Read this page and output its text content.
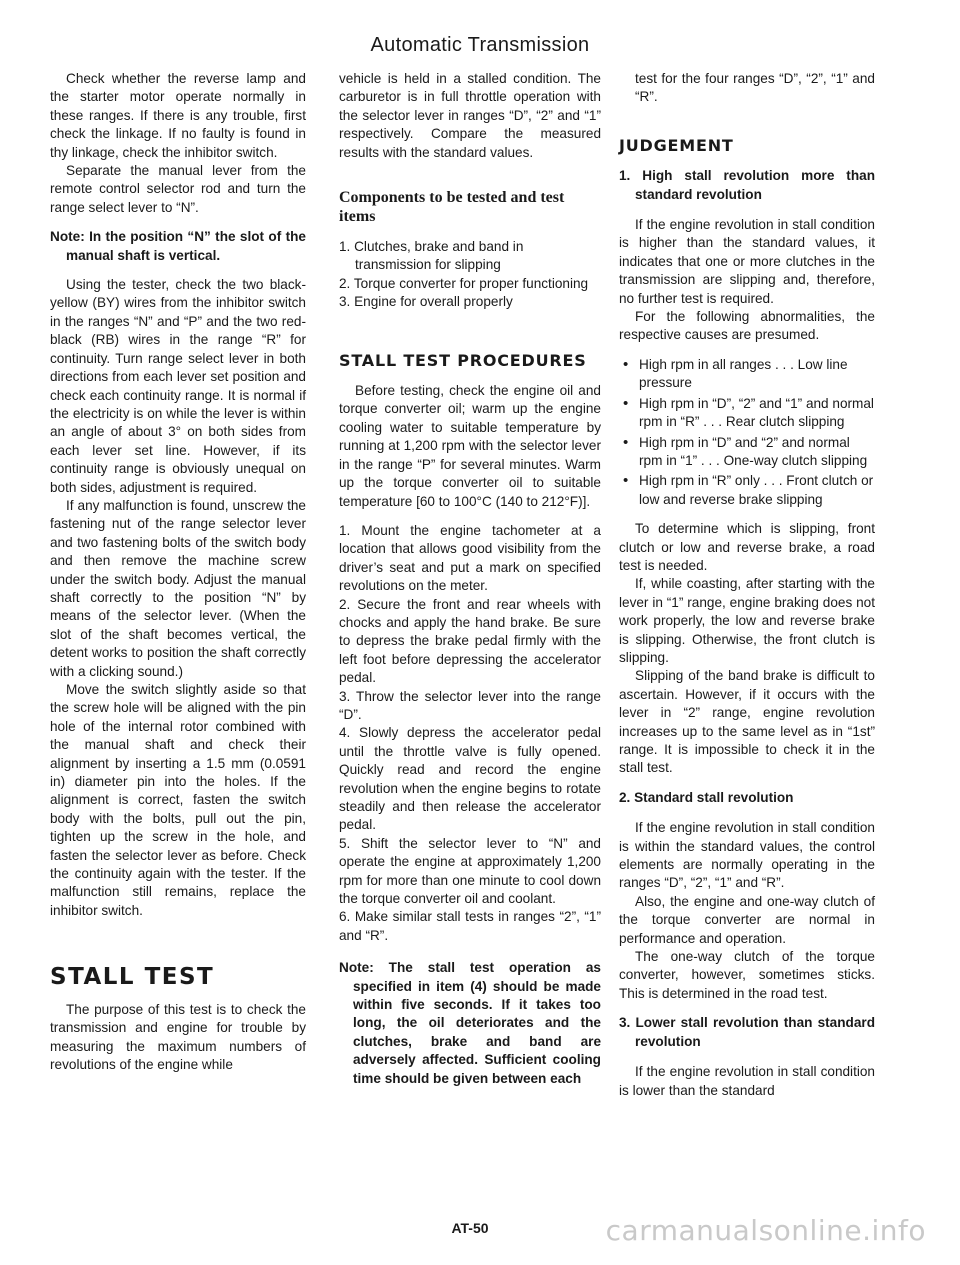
Automatic Transmission

Check whether the reverse lamp and the starter motor operate normally in these ranges. If there is any trouble, first check the linkage. If no faulty is found in thy linkage, check the inhibitor switch.

Separate the manual lever from the remote control selector rod and turn the range select lever to “N”.

Note: In the position “N” the slot of the manual shaft is vertical.

Using the tester, check the two black-yellow (BY) wires from the inhibitor switch in the ranges “N” and “P” and the two red-black (RB) wires in the range “R” for continuity. Turn range select lever in both directions from each lever set position and check each continuity range. It is normal if the electricity is on while the lever is within an angle of about 3° on both sides from each lever set line. However, if its continuity range is obviously unequal on both sides, adjustment is required.

If any malfunction is found, unscrew the fastening nut of the range selector lever and two fastening bolts of the switch body and then remove the machine screw under the switch body. Adjust the manual shaft correctly to the position “N” by means of the selector lever. (When the slot of the shaft becomes vertical, the detent works to position the shaft correctly with a clicking sound.)

Move the switch slightly aside so that the screw hole will be aligned with the pin hole of the internal rotor combined with the manual shaft and check their alignment by inserting a 1.5 mm (0.0591 in) diameter pin into the holes. If the alignment is correct, fasten the switch body with the bolts, pull out the pin, tighten up the screw in the hole, and fasten the selector lever as before. Check the continuity again with the tester. If the malfunction still remains, replace the inhibitor switch.

STALL TEST

The purpose of this test is to check the transmission and engine for trouble by measuring the maximum numbers of revolutions of the engine while

vehicle is held in a stalled condition. The carburetor is in full throttle operation with the selector lever in ranges “D”, “2” and “1” respectively. Compare the measured results with the standard values.

Components to be tested and test items
1. Clutches, brake and band in transmission for slipping
2. Torque converter for proper functioning
3. Engine for overall properly
STALL TEST PROCEDURES

Before testing, check the engine oil and torque converter oil; warm up the engine cooling water to suitable temperature by running at 1,200 rpm with the selector lever in the range “P” for several minutes. Warm up the torque converter oil to suitable temperature [60 to 100°C (140 to 212°F)].

1. Mount the engine tachometer at a location that allows good visibility from the driver’s seat and put a mark on specified revolutions on the meter.

2. Secure the front and rear wheels with chocks and apply the hand brake. Be sure to depress the brake pedal firmly with the left foot before depressing the accelerator pedal.

3. Throw the selector lever into the range “D”.

4. Slowly depress the accelerator pedal until the throttle valve is fully opened. Quickly read and record the engine revolution when the engine begins to rotate steadily and then release the accelerator pedal.

5. Shift the selector lever to “N” and operate the engine at approximately 1,200 rpm for more than one minute to cool down the torque converter oil and coolant.

6. Make similar stall tests in ranges “2”, “1” and “R”.

Note: The stall test operation as specified in item (4) should be made within five seconds. If it takes too long, the oil deteriorates and the clutches, brake and band are adversely affected. Sufficient cooling time should be given between each

test for the four ranges “D”, “2”, “1” and “R”.

JUDGEMENT

1. High stall revolution more than standard revolution

If the engine revolution in stall condition is higher than the standard values, it indicates that one or more clutches in the transmission are slipping and, therefore, no further test is required.

For the following abnormalities, the respective causes are presumed.

• High rpm in all ranges . . . Low line pressure
• High rpm in “D”, “2” and “1” and normal rpm in “R” . . . Rear clutch slipping
• High rpm in “D” and “2” and normal rpm in “1” . . . One-way clutch slipping
• High rpm in “R” only . . . Front clutch or low and reverse brake slipping

To determine which is slipping, front clutch or low and reverse brake, a road test is needed.

If, while coasting, after starting with the lever in “1” range, engine braking does not work properly, the low and reverse brake is slipping. Otherwise, the front clutch is slipping.

Slipping of the band brake is difficult to ascertain. However, if it occurs with the lever in “2” range, engine revolution increases up to the same level as in “1st” range. It is impossible to check it in the stall test.

2. Standard stall revolution

If the engine revolution in stall condition is within the standard values, the control elements are normally operating in the ranges “D”, “2”, “1” and “R”.

Also, the engine and one-way clutch of the torque converter are normal in performance and operation.

The one-way clutch of the torque converter, however, sometimes sticks. This is determined in the road test.

3. Lower stall revolution than standard revolution

If the engine revolution in stall condition is lower than the standard

AT-50	carmanualsonline.info
